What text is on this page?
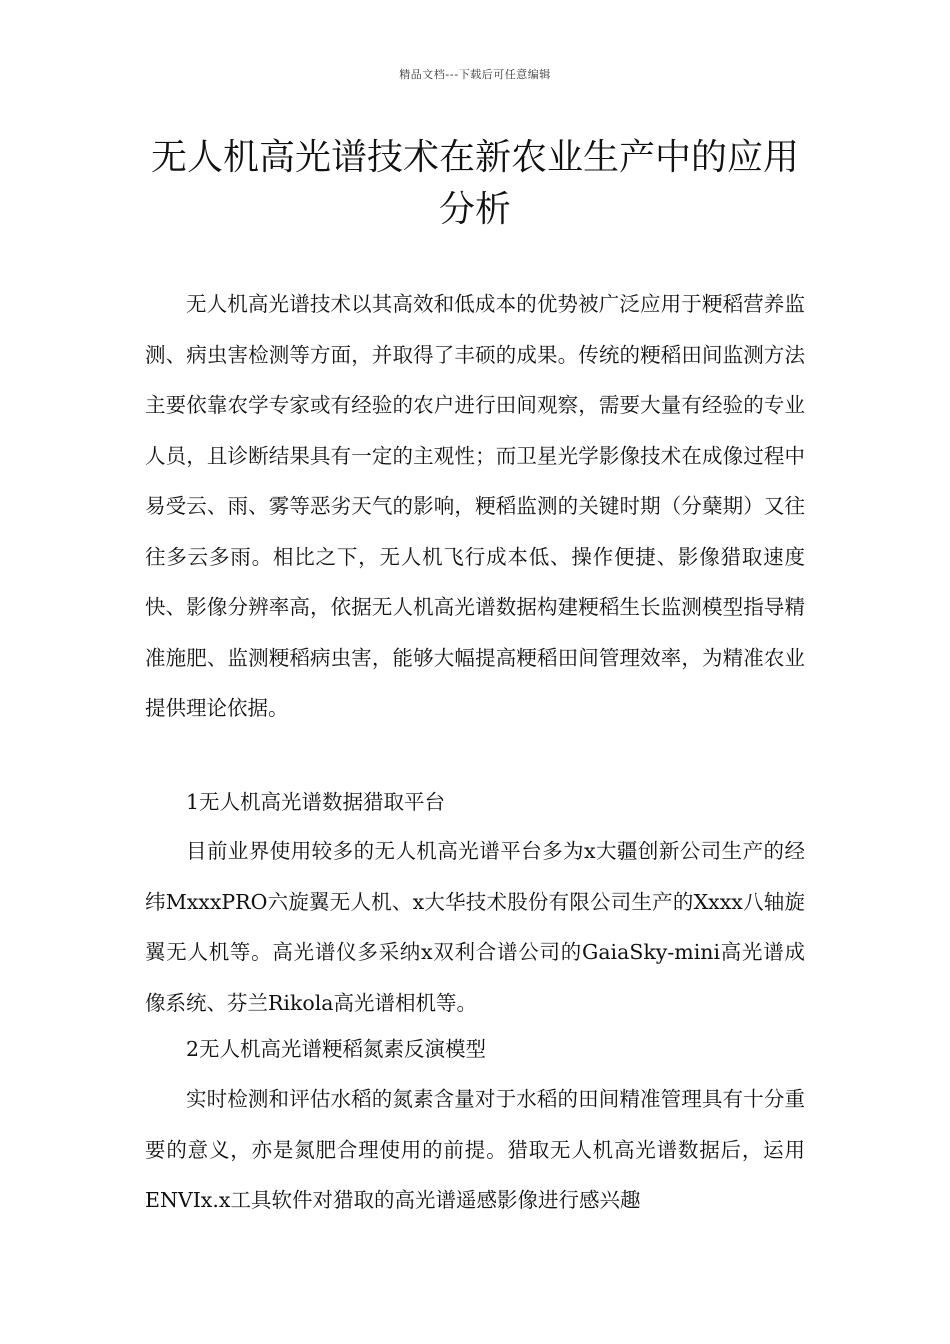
精品文档---下载后可任意编辑
无人机高光谱技术在新农业生产中的应用分析

无人机高光谱技术以其高效和低成本的优势被广泛应用于粳稻营养监测、病虫害检测等方面，并取得了丰硕的成果。传统的粳稻田间监测方法主要依靠农学专家或有经验的农户进行田间观察，需要大量有经验的专业人员，且诊断结果具有一定的主观性；而卫星光学影像技术在成像过程中易受云、雨、雾等恶劣天气的影响，粳稻监测的关键时期（分蘖期）又往往多云多雨。相比之下，无人机飞行成本低、操作便捷、影像猎取速度快、影像分辨率高，依据无人机高光谱数据构建粳稻生长监测模型指导精准施肥、监测粳稻病虫害，能够大幅提高粳稻田间管理效率，为精准农业提供理论依据。

1无人机高光谱数据猎取平台

目前业界使用较多的无人机高光谱平台多为x大疆创新公司生产的经纬MxxxPRO六旋翼无人机、x大华技术股份有限公司生产的Xxxx八轴旋翼无人机等。高光谱仪多采纳x双利合谱公司的GaiaSky-mini高光谱成像系统、芬兰Rikola高光谱相机等。

2无人机高光谱粳稻氮素反演模型

实时检测和评估水稻的氮素含量对于水稻的田间精准管理具有十分重要的意义，亦是氮肥合理使用的前提。猎取无人机高光谱数据后，运用ENVIx.x工具软件对猎取的高光谱遥感影像进行感兴趣
